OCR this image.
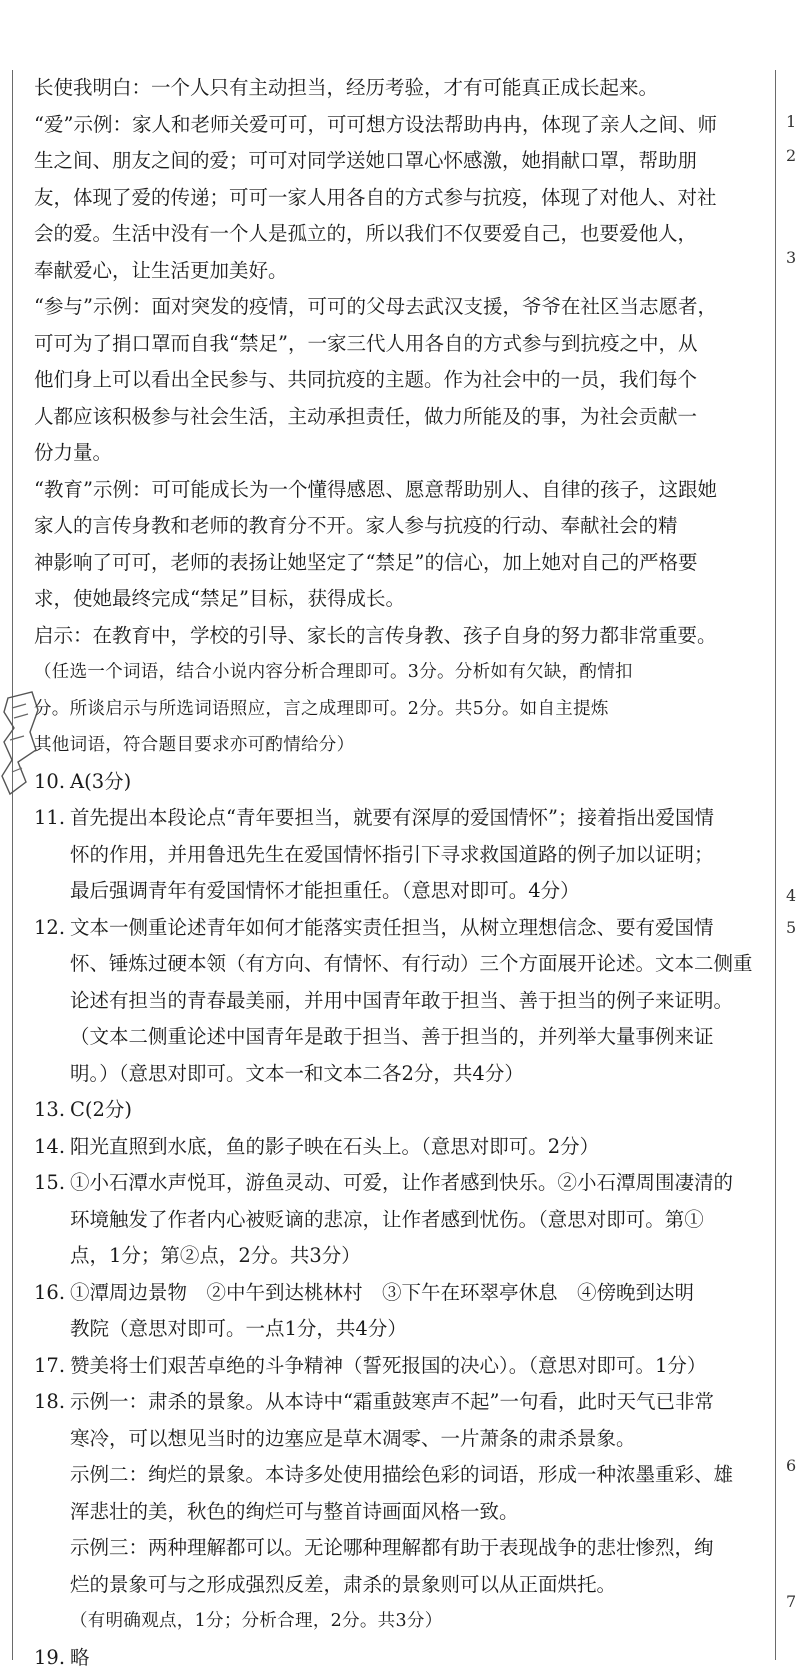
1
2
3
4
5
6
7
长使我明白：一个人只有主动担当，经历考验，才有可能真正成长起来。
“爱”示例：家人和老师关爱可可，可可想方设法帮助冉冉，体现了亲人之间、师
生之间、朋友之间的爱；可可对同学送她口罩心怀感激，她捐献口罩，帮助朋
友，体现了爱的传递；可可一家人用各自的方式参与抗疫，体现了对他人、对社
会的爱。生活中没有一个人是孤立的，所以我们不仅要爱自己，也要爱他人，
奉献爱心，让生活更加美好。
“参与”示例：面对突发的疫情，可可的父母去武汉支援，爷爷在社区当志愿者，
可可为了捐口罩而自我“禁足”，一家三代人用各自的方式参与到抗疫之中，从
他们身上可以看出全民参与、共同抗疫的主题。作为社会中的一员，我们每个
人都应该积极参与社会生活，主动承担责任，做力所能及的事，为社会贡献一
份力量。
“教育”示例：可可能成长为一个懂得感恩、愿意帮助别人、自律的孩子，这跟她
家人的言传身教和老师的教育分不开。家人参与抗疫的行动、奉献社会的精
神影响了可可，老师的表扬让她坚定了“禁足”的信心，加上她对自己的严格要
求，使她最终完成“禁足”目标，获得成长。
启示：在教育中，学校的引导、家长的言传身教、孩子自身的努力都非常重要。
（任选一个词语，结合小说内容分析合理即可。3分。分析如有欠缺，酌情扣
分。所谈启示与所选词语照应，言之成理即可。2分。共5分。如自主提炼
其他词语，符合题目要求亦可酌情给分）
10. A(3分)
11. 首先提出本段论点“青年要担当，就要有深厚的爱国情怀”；接着指出爱国情
怀的作用，并用鲁迅先生在爱国情怀指引下寻求救国道路的例子加以证明；
最后强调青年有爱国情怀才能担重任。（意思对即可。4分）
12. 文本一侧重论述青年如何才能落实责任担当，从树立理想信念、要有爱国情
怀、锤炼过硬本领（有方向、有情怀、有行动）三个方面展开论述。文本二侧重
论述有担当的青春最美丽，并用中国青年敢于担当、善于担当的例子来证明。
（文本二侧重论述中国青年是敢于担当、善于担当的，并列举大量事例来证
明。）（意思对即可。文本一和文本二各2分，共4分）
13. C(2分)
14. 阳光直照到水底，鱼的影子映在石头上。（意思对即可。2分）
15. ①小石潭水声悦耳，游鱼灵动、可爱，让作者感到快乐。②小石潭周围凄清的
环境触发了作者内心被贬谪的悲凉，让作者感到忧伤。（意思对即可。第①
点，1分；第②点，2分。共3分）
16. ①潭周边景物　②中午到达桃林村　③下午在环翠亭休息　④傍晚到达明
教院（意思对即可。一点1分，共4分）
17. 赞美将士们艰苦卓绝的斗争精神（誓死报国的决心）。（意思对即可。1分）
18. 示例一：肃杀的景象。从本诗中“霜重鼓寒声不起”一句看，此时天气已非常
寒冷，可以想见当时的边塞应是草木凋零、一片萧条的肃杀景象。
示例二：绚烂的景象。本诗多处使用描绘色彩的词语，形成一种浓墨重彩、雄
浑悲壮的美，秋色的绚烂可与整首诗画面风格一致。
示例三：两种理解都可以。无论哪种理解都有助于表现战争的悲壮惨烈，绚
烂的景象可与之形成强烈反差，肃杀的景象则可以从正面烘托。
（有明确观点，1分；分析合理，2分。共3分）
19. 略
